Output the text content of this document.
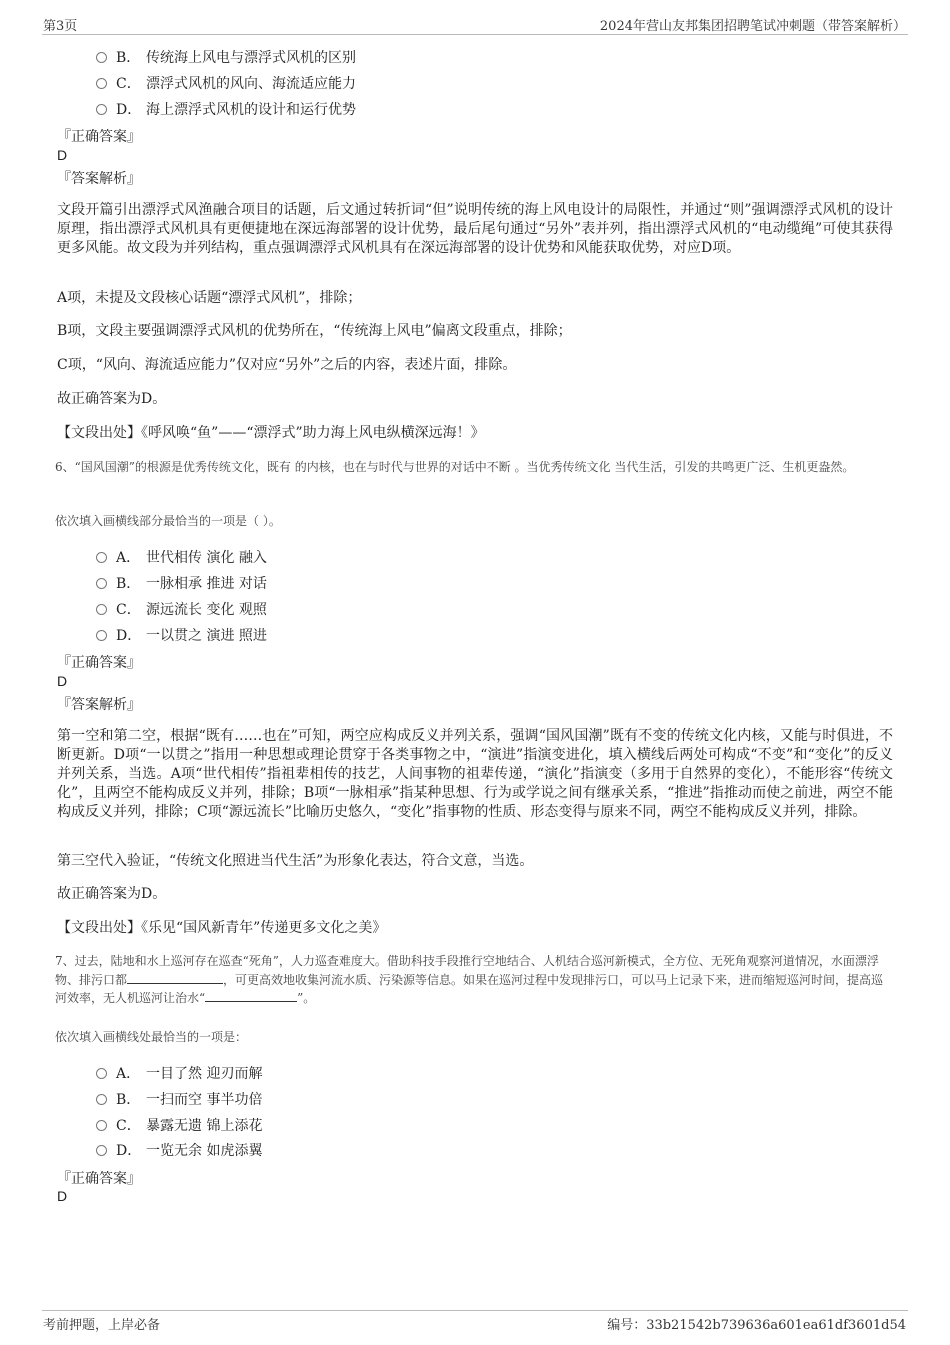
第3页	2024年营山友邦集团招聘笔试冲刺题（带答案解析）
B． 传统海上风电与漂浮式风机的区别
C． 漂浮式风机的风向、海流适应能力
D． 海上漂浮式风机的设计和运行优势
『正确答案』
D
『答案解析』
文段开篇引出漂浮式风渔融合项目的话题，后文通过转折词“但”说明传统的海上风电设计的局限性，并通过“则”强调漂浮式风机的设计原理，指出漂浮式风机具有更便捷地在深远海部署的设计优势，最后尾句通过“另外”表并列，指出漂浮式风机的“电动缆绳”可使其获得更多风能。故文段为并列结构，重点强调漂浮式风机具有在深远海部署的设计优势和风能获取优势，对应D项。
A项，未提及文段核心话题“漂浮式风机”，排除；
B项，文段主要强调漂浮式风机的优势所在，“传统海上风电”偏离文段重点，排除；
C项，“风向、海流适应能力”仅对应“另外”之后的内容，表述片面，排除。
故正确答案为D。
【文段出处】《呼风唤“鱼”——“漂浮式”助力海上风电纵横深远海！》
6、“国风国潮”的根源是优秀传统文化，既有 的内核，也在与时代与世界的对话中不断 。当优秀传统文化 当代生活，引发的共鸣更广泛、生机更盎然。
依次填入画横线部分最恰当的一项是（ ）。
A． 世代相传 演化 融入
B． 一脉相承 推进 对话
C． 源远流长 变化 观照
D． 一以贯之 演进 照进
『正确答案』
D
『答案解析』
第一空和第二空，根据“既有……也在”可知，两空应构成反义并列关系，强调“国风国潮”既有不变的传统文化内核，又能与时俱进，不断更新。D项“一以贯之”指用一种思想或理论贯穿于各类事物之中，“演进”指演变进化，填入横线后两处可构成“不变”和“变化”的反义并列关系，当选。A项“世代相传”指祖辈相传的技艺，人间事物的祖辈传递，“演化”指演变（多用于自然界的变化），不能形容“传统文化”，且两空不能构成反义并列，排除；B项“一脉相承”指某种思想、行为或学说之间有继承关系，“推进”指推动而使之前进，两空不能构成反义并列，排除；C项“源远流长”比喻历史悠久，“变化”指事物的性质、形态变得与原来不同，两空不能构成反义并列，排除。
第三空代入验证，“传统文化照进当代生活”为形象化表达，符合文意，当选。
故正确答案为D。
【文段出处】《乐见“国风新青年”传递更多文化之美》
7、过去，陆地和水上巡河存在巡查“死角”，人力巡查难度大。借助科技手段推行空地结合、人机结合巡河新模式，全方位、无死角观察河道情况，水面漂浮物、排污口都	，可更高效地收集河流水质、污染源等信息。如果在巡河过程中发现排污口，可以马上记录下来，进而缩短巡河时间，提高巡河效率，无人机巡河让治水“	”。
依次填入画横线处最恰当的一项是：
A． 一目了然 迎刃而解
B． 一扫而空 事半功倍
C． 暴露无遗 锦上添花
D． 一览无余 如虎添翼
『正确答案』
D
考前押题，上岸必备	编号：33b21542b739636a601ea61df3601d54
